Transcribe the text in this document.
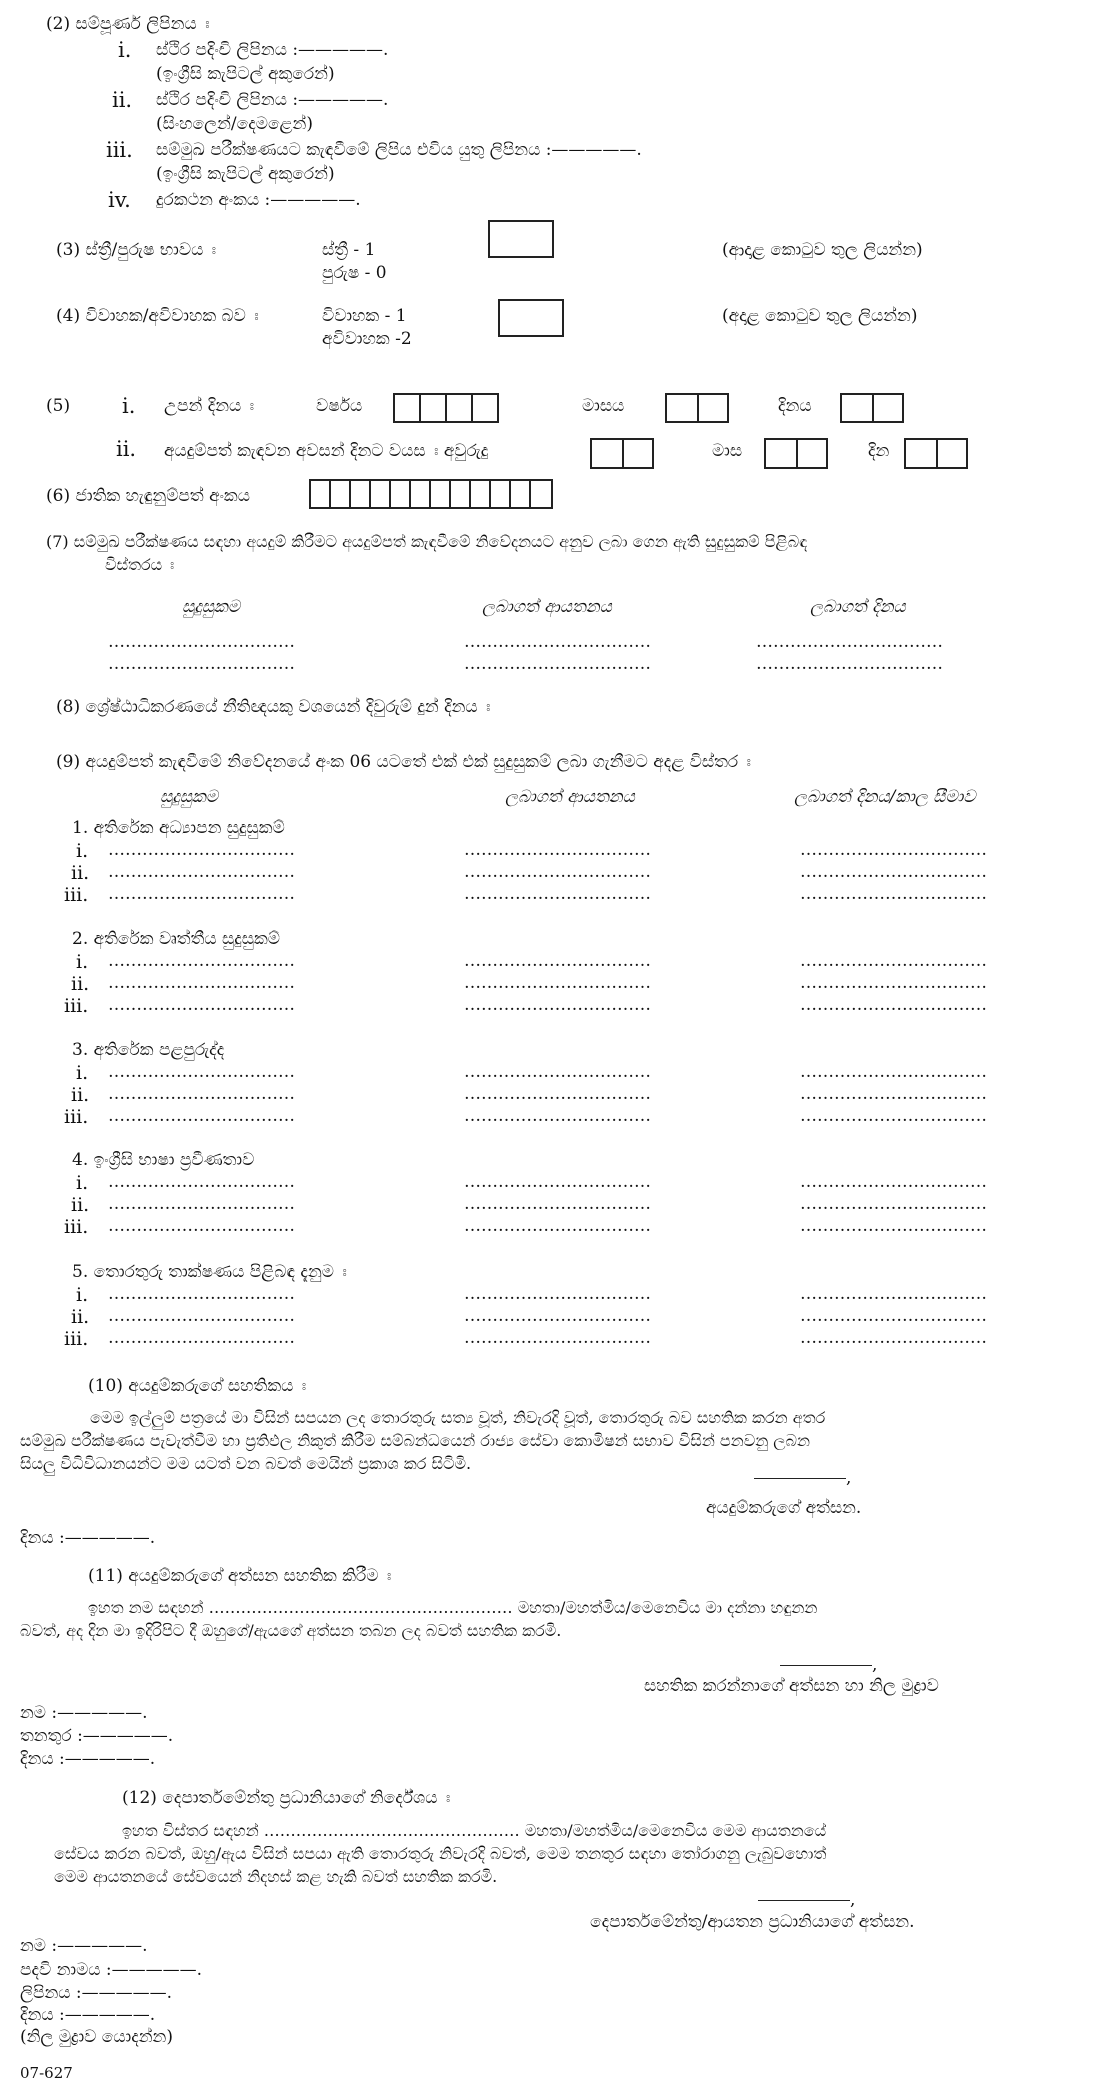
(2) සම්පූර්ණ ලිපිනය ඃ
i. ස්ථිර පදිංචි ලිපිනය :—————.
(ඉංග්‍රීසි කැපිටල් අකුරෙන්)
ii. ස්ථිර පදිංචි ලිපිනය :—————.
(සිංහලෙන්/දෙමළෙන්)
iii. සම්මුඛ පරීක්ෂණයට කැඳවීමේ ලිපිය එවිය යුතු ලිපිනය :—————.
(ඉංග්‍රීසි කැපිටල් අකුරෙන්)
iv. දුරකථන අංකය :—————.
(3) ස්ත්‍රී/පුරුෂ භාවය ඃ	ස්ත්‍රී - 1
පුරුෂ - 0
(ආදාළ කොටුව තුල ලියන්න)
(4) විවාහක/අවිවාහක බව ඃ	විවාහක - 1
අවිවාහක -2
(අදාළ කොටුව තුල ලියන්න)
(5) i. උපන් දිනය ඃ	වර්ෂය	මාසය	දිනය
ii. අයදුම්පත් කැඳවන අවසන් දිනට වයස ඃ අවුරුදු	මාස	දින
(6) ජාතික හැඳුනුම්පත් අංකය
(7) සම්මුඛ පරීක්ෂණය සඳහා අයදුම් කිරීමට අයදුම්පත් කැඳවීමේ නිවේදනයට අනුව ලබා ගෙන ඇති සුදුසුකම් පිළිබඳ
විස්තරය ඃ
සුදුසුකම	ලබාගත් ආයතනය	ලබාගත් දිනය
……………………………	……………………………	……………………………
……………………………	……………………………	……………………………
(8) ශ්‍රේෂ්ඨාධිකරණයේ නීතිඥයකු වශයෙන් දිවුරුම් දුන් දිනය ඃ
(9) අයදුම්පත් කැඳවීමේ නිවේදනයේ අංක 06 යටතේ එක් එක් සුදුසුකම් ලබා ගැනීමට අදළ විස්තර ඃ
සුදුසුකම	ලබාගත් ආයතනය	ලබාගත් දිනය/කාල සීමාව
1. අතිරේක අධ්‍යාපන සුදුසුකම්
i. ……………………………	……………………………	……………………………
ii. ……………………………	……………………………	……………………………
iii. ……………………………	……………………………	……………………………
2. අතිරේක වෘත්තීය සුදුසුකම්
i. ……………………………	……………………………	……………………………
ii. ……………………………	……………………………	……………………………
iii. ……………………………	……………………………	……………………………
3. අතිරේක පළපුරුද්ද
i. ……………………………	……………………………	……………………………
ii. ……………………………	……………………………	……………………………
iii. ……………………………	……………………………	……………………………
4. ඉංග්‍රීසි භාෂා ප්‍රවීණතාව
i. ……………………………	……………………………	……………………………
ii. ……………………………	……………………………	……………………………
iii. ……………………………	……………………………	……………………………
5. තොරතුරු තාක්ෂණය පිළිබඳ දැනුම ඃ
i. ……………………………	……………………………	……………………………
ii. ……………………………	……………………………	……………………………
iii. ……………………………	……………………………	……………………………
(10) අයදුම්කරුගේ සහතිකය ඃ
මෙම ඉල්ලුම් පත්‍රයේ මා විසින් සපයන ලද තොරතුරු සත්‍ය වූත්, නිවැරදි වූත්, තොරතුරු බව සහතික කරන අතර
සම්මුඛ පරීක්ෂණය පැවැත්වීම හා ප්‍රතිඵල නිකුත් කිරීම සම්බන්ධයෙන් රාජ්‍ය සේවා කොමිෂන් සභාව විසින් පනවනු ලබන
සියලු විධිවිධානයන්ට මම යටත් වන බවත් මෙයින් ප්‍රකාශ කර සිටිමි.
,
අයදුම්කරුගේ අත්සන.
දිනය :—————.
(11) අයදුම්කරුගේ අත්සන සහතික කිරීම ඃ
ඉහත නම සඳහන් ………………………………………………… මහතා/මහත්මිය/මෙනෙවිය මා දන්නා හඳුනන
බවත්, අද දින මා ඉදිරිපිට දී ඔහුගේ/ඇයගේ අත්සන තබන ලද බවත් සහතික කරමි.
,
සහතික කරන්නාගේ අත්සන හා නිල මුද්‍රාව
නම :—————.
තනතුර :—————.
දිනය :—————.
(12) දෙපාර්තමේන්තු ප්‍රධානියාගේ නිර්දේශය ඃ
ඉහත විස්තර සඳහන් ………………………………………… මහතා/මහත්මිය/මෙනෙවිය මෙම ආයතනයේ
සේවය කරන බවත්, ඔහු/ඇය විසින් සපයා ඇති තොරතුරු නිවැරදි බවත්, මෙම තනතුර සඳහා තෝරාගනු ලැබුවහොත්
මෙම ආයතනයේ සේවයෙන් නිදහස් කළ හැකි බවත් සහතික කරමි.
,
දෙපාර්තමේන්තු/ආයතන ප්‍රධානියාගේ අත්සන.
නම :—————.
පදවි නාමය :—————.
ලිපිනය :—————.
දිනය :—————.
(නිල මුද්‍රාව යොදන්න)
07-627
